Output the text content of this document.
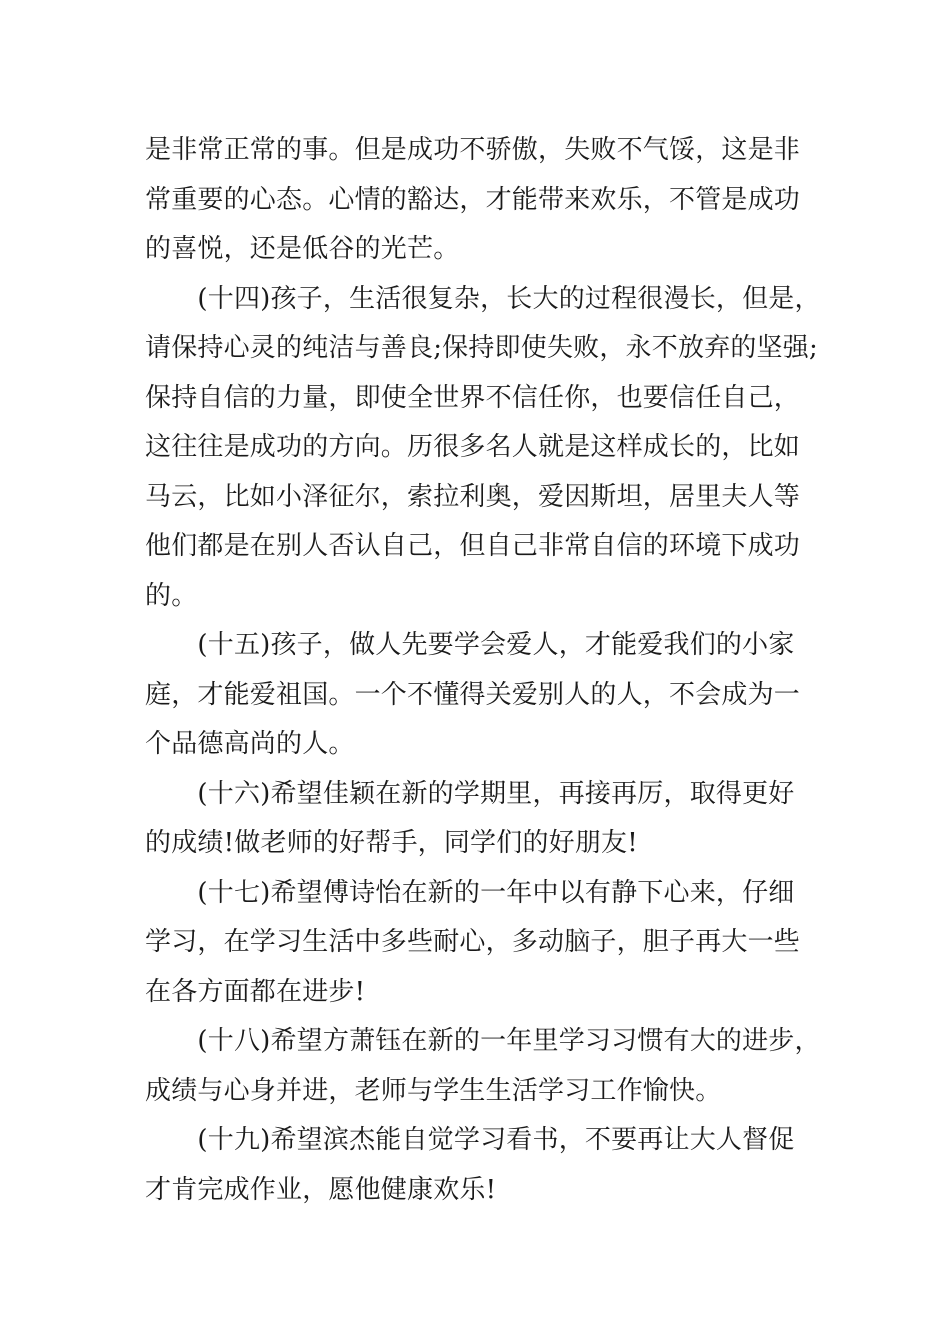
是非常正常的事。但是成功不骄傲，失败不气馁，这是非
常重要的心态。心情的豁达，才能带来欢乐，不管是成功
的喜悦，还是低谷的光芒。
　　(十四)孩子，生活很复杂，长大的过程很漫长，但是，
请保持心灵的纯洁与善良;保持即使失败，永不放弃的坚强;
保持自信的力量，即使全世界不信任你，也要信任自己，
这往往是成功的方向。历很多名人就是这样成长的，比如
马云，比如小泽征尔，索拉利奥，爱因斯坦，居里夫人等
他们都是在别人否认自己，但自己非常自信的环境下成功
的。
　　(十五)孩子，做人先要学会爱人，才能爱我们的小家
庭，才能爱祖国。一个不懂得关爱别人的人，不会成为一
个品德高尚的人。
　　(十六)希望佳颖在新的学期里，再接再厉，取得更好
的成绩!做老师的好帮手，同学们的好朋友!
　　(十七)希望傅诗怡在新的一年中以有静下心来，仔细
学习，在学习生活中多些耐心，多动脑子，胆子再大一些
在各方面都在进步!
　　(十八)希望方萧钰在新的一年里学习习惯有大的进步，
成绩与心身并进，老师与学生生活学习工作愉快。
　　(十九)希望滨杰能自觉学习看书，不要再让大人督促
才肯完成作业，愿他健康欢乐!
